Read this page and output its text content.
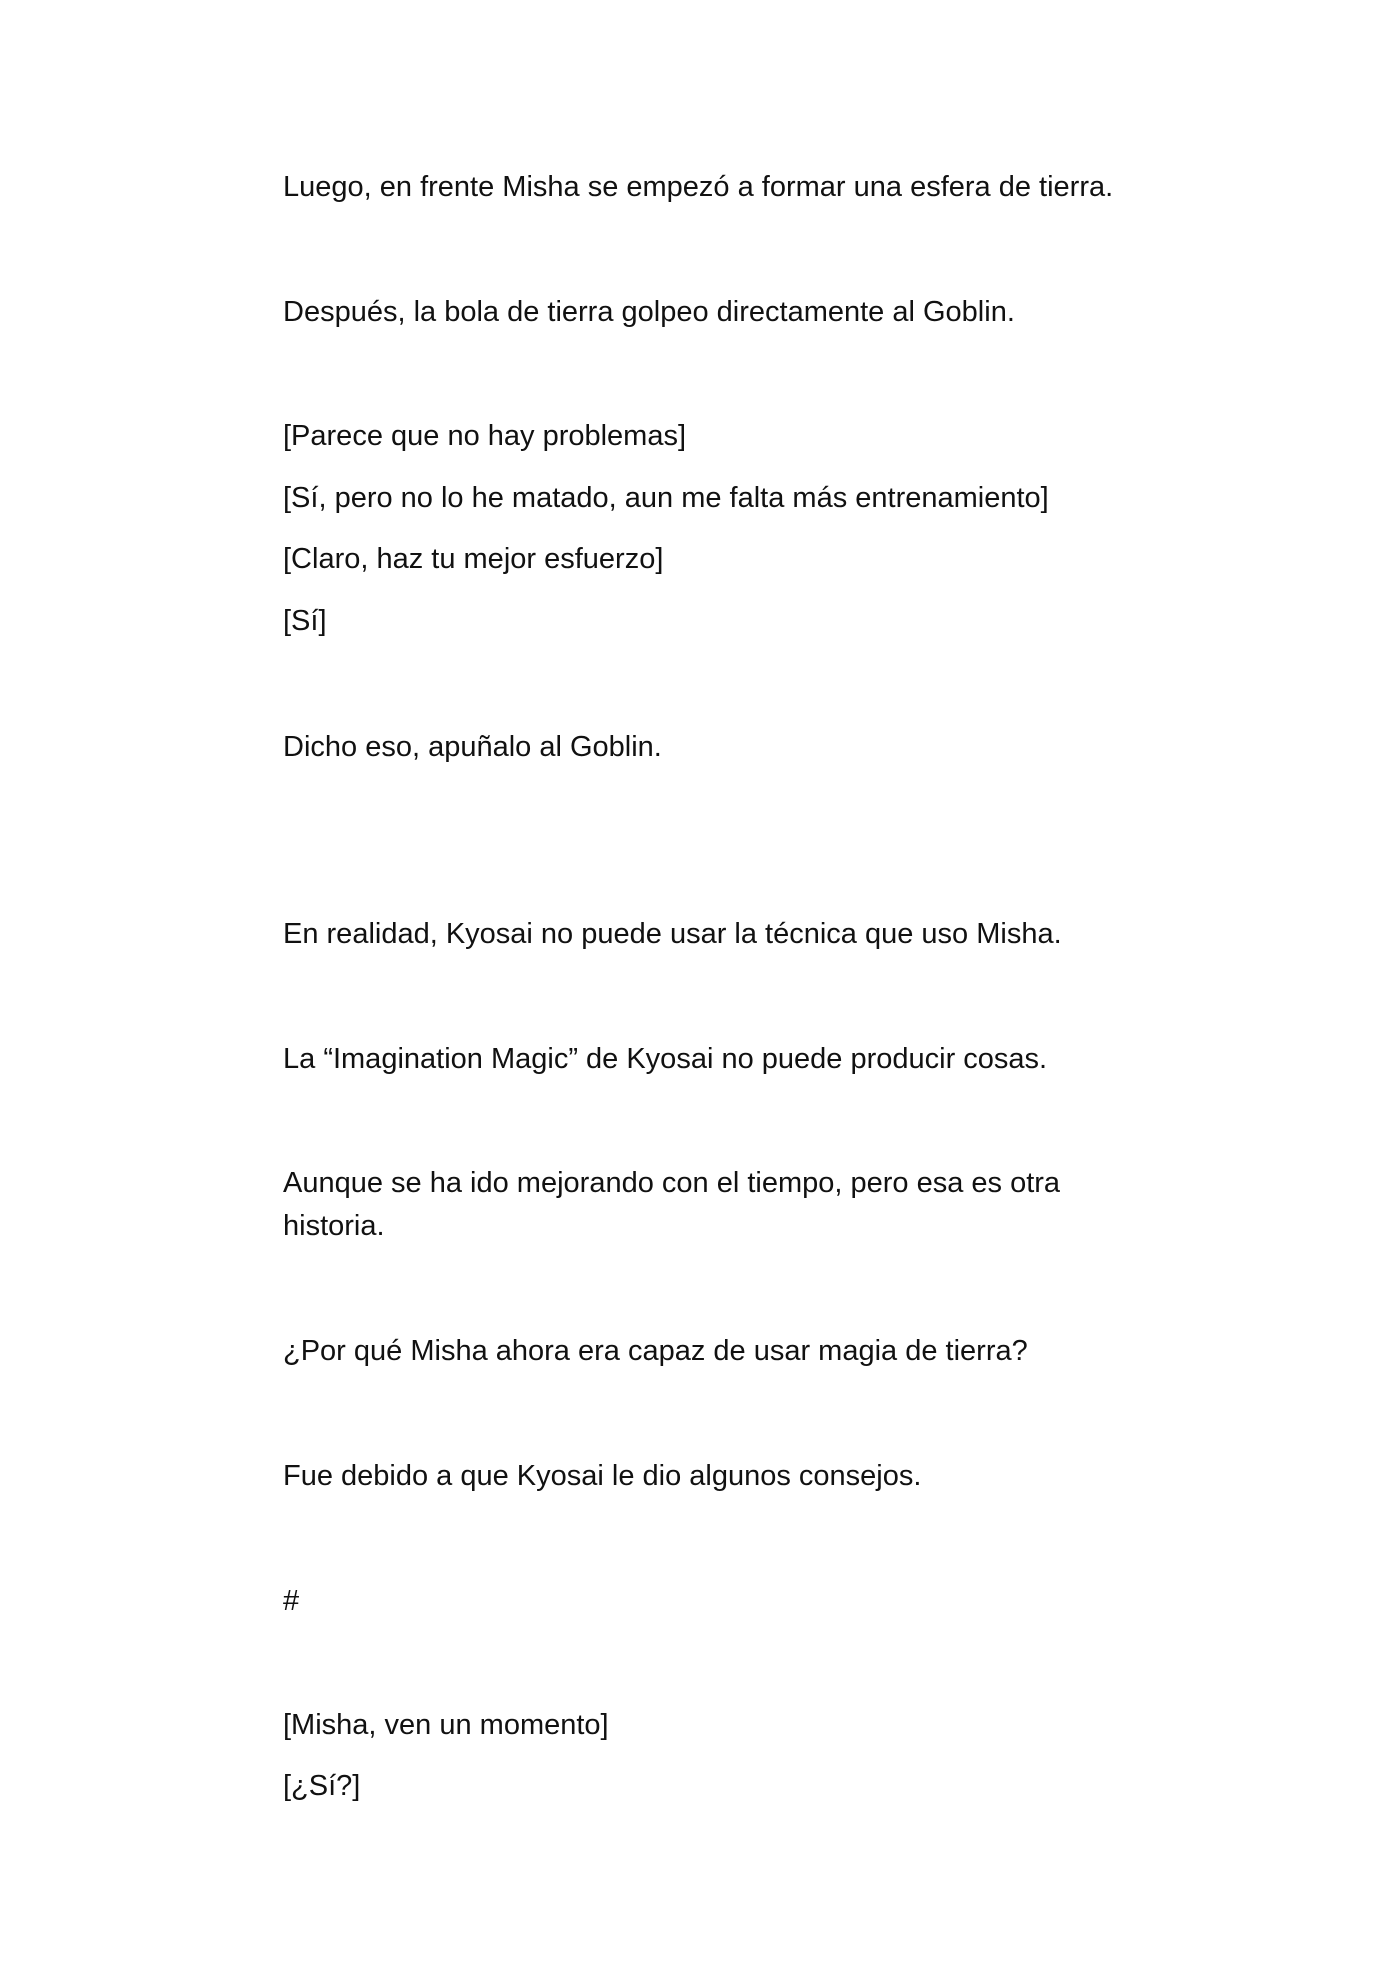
Luego, en frente Misha se empezó a formar una esfera de tierra.

Después, la bola de tierra golpeo directamente al Goblin.

[Parece que no hay problemas]

[Sí, pero no lo he matado, aun me falta más entrenamiento]

[Claro, haz tu mejor esfuerzo]

[Sí]

Dicho eso, apuñalo al Goblin.

En realidad, Kyosai no puede usar la técnica que uso Misha.

La “Imagination Magic” de Kyosai no puede producir cosas.

Aunque se ha ido mejorando con el tiempo, pero esa es otra historia.

¿Por qué Misha ahora era capaz de usar magia de tierra?

Fue debido a que Kyosai le dio algunos consejos.

#

[Misha, ven un momento]

[¿Sí?]
